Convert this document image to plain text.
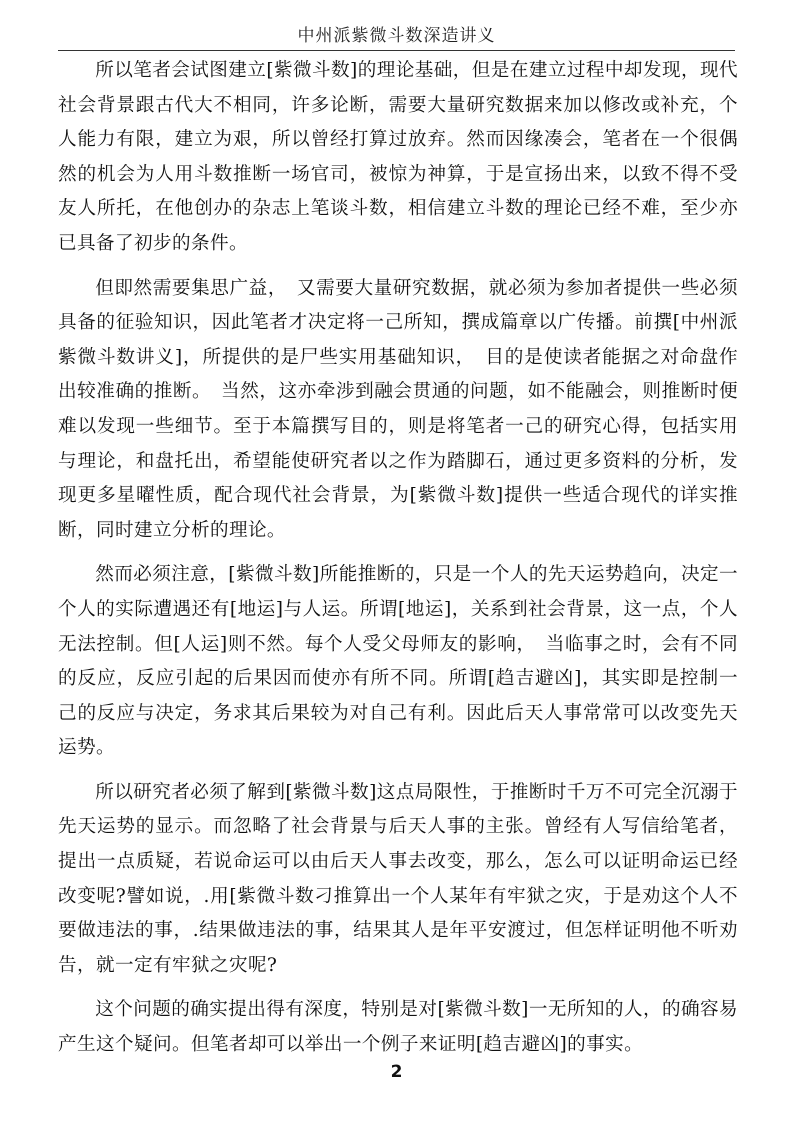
中州派紫微斗数深造讲义

所以笔者会试图建立[紫微斗数]的理论基础，但是在建立过程中却发现，现代社会背景跟古代大不相同，许多论断，需要大量研究数据来加以修改或补充，个人能力有限，建立为艰，所以曾经打算过放弃。然而因缘凑会，笔者在一个很偶然的机会为人用斗数推断一场官司，被惊为神算，于是宣扬出来，以致不得不受友人所托，在他创办的杂志上笔谈斗数，相信建立斗数的理论已经不难，至少亦已具备了初步的条件。

但即然需要集思广益，　又需要大量研究数据，就必须为参加者提供一些必须具备的征验知识，因此笔者才决定将一己所知，撰成篇章以广传播。前撰[中州派紫微斗数讲义]，所提供的是尸些实用基础知识，　目的是使读者能据之对命盘作出较准确的推断。　当然，这亦牵涉到融会贯通的问题，如不能融会，则推断时便难以发现一些细节。至于本篇撰写目的，则是将笔者一己的研究心得，包括实用与理论，和盘托出，希望能使研究者以之作为踏脚石，通过更多资料的分析，发现更多星曜性质，配合现代社会背景，为[紫微斗数]提供一些适合现代的详实推断，同时建立分析的理论。

然而必须注意，[紫微斗数]所能推断的，只是一个人的先天运势趋向，决定一个人的实际遭遇还有[地运]与人运。所谓[地运]，关系到社会背景，这一点，个人无法控制。但[人运]则不然。每个人受父母师友的影响，　当临事之时，会有不同的反应，反应引起的后果因而使亦有所不同。所谓[趋吉避凶]，其实即是控制一己的反应与决定，务求其后果较为对自己有利。因此后天人事常常可以改变先天运势。

所以研究者必须了解到[紫微斗数]这点局限性，于推断时千万不可完全沉溺于先天运势的显示。而忽略了社会背景与后天人事的主张。曾经有人写信给笔者，提出一点质疑，若说命运可以由后天人事去改变，那么，怎么可以证明命运已经改变呢?譬如说，.用[紫微斗数刁推算出一个人某年有牢狱之灾，于是劝这个人不要做违法的事，.结果做违法的事，结果其人是年平安渡过，但怎样证明他不听劝告，就一定有牢狱之灾呢?

这个问题的确实提出得有深度，特别是对[紫微斗数]一无所知的人，的确容易产生这个疑问。但笔者却可以举出一个例子来证明[趋吉避凶]的事实。

2
